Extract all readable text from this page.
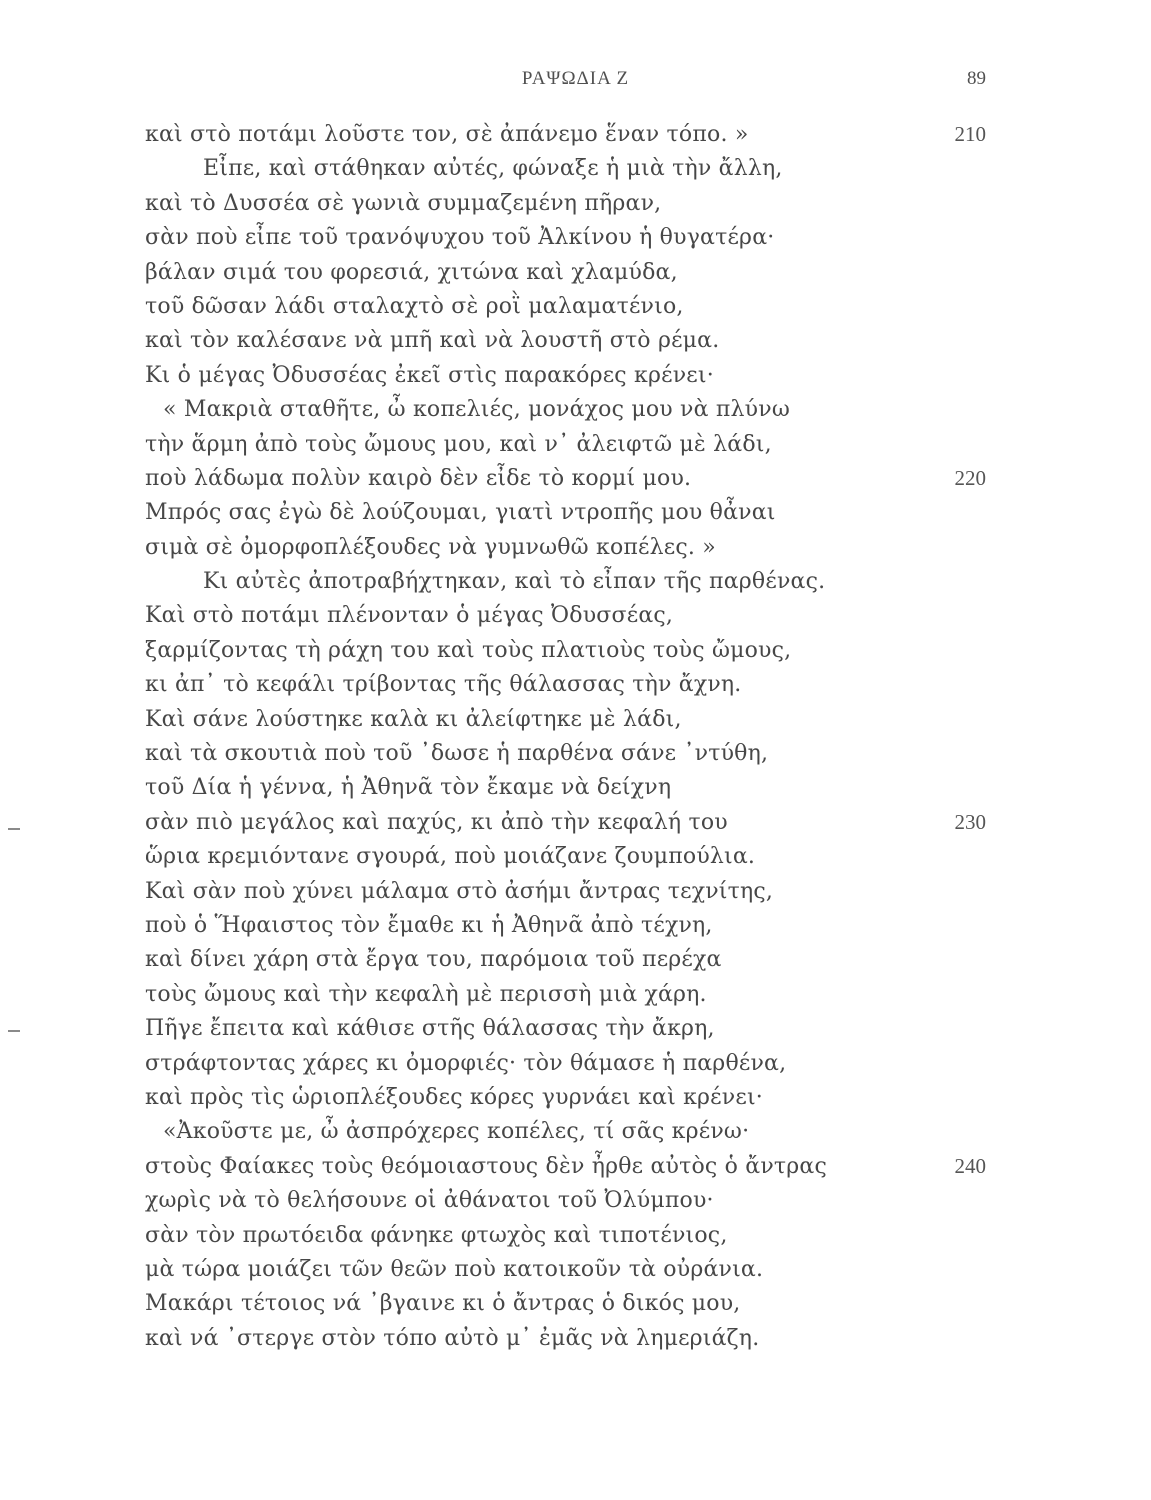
ΡΑΨΩΔΙΑ Ζ	89
καὶ στὸ ποτάμι λοῦστε τον, σὲ ἀπάνεμο ἕναν τόπο. »
Εἶπε, καὶ στάθηκαν αὐτές, φώναξε ἡ μιὰ τὴν ἄλλη,
καὶ τὸ Δυσσέα σὲ γωνιὰ συμμαζεμένη πῆραν,
σὰν ποὺ εἶπε τοῦ τρανόψυχου τοῦ Ἀλκίνου ἡ θυγατέρα·
βάλαν σιμά του φορεσιά, χιτώνα καὶ χλαμύδα,
τοῦ δῶσαν λάδι σταλαχτὸ σὲ ροῒ μαλαματένιο,
καὶ τὸν καλέσανε νὰ μπῆ καὶ νὰ λουστῆ στὸ ρέμα.
Κι ὁ μέγας Ὀδυσσέας ἐκεῖ στὶς παρακόρες κρένει·
« Μακριὰ σταθῆτε, ὦ κοπελιές, μονάχος μου νὰ πλύνω
τὴν ἅρμη ἀπὸ τοὺς ὤμους μου, καὶ ν᾿ ἀλειφτῶ μὲ λάδι,
ποὺ λάδωμα πολὺν καιρὸ δὲν εἶδε τὸ κορμί μου.
Μπρός σας ἐγὼ δὲ λούζουμαι, γιατὶ ντροπῆς μου θἆναι
σιμὰ σὲ ὀμορφοπλέξουδες νὰ γυμνωθῶ κοπέλες. »
Κι αὐτὲς ἀποτραβήχτηκαν, καὶ τὸ εἶπαν τῆς παρθένας.
Καὶ στὸ ποτάμι πλένονταν ὁ μέγας Ὀδυσσέας,
ξαρμίζοντας τὴ ράχη του καὶ τοὺς πλατιοὺς τοὺς ὤμους,
κι ἀπ᾿ τὸ κεφάλι τρίβοντας τῆς θάλασσας τὴν ἄχνη.
Καὶ σάνε λούστηκε καλὰ κι ἀλείφτηκε μὲ λάδι,
καὶ τὰ σκουτιὰ ποὺ τοῦ ᾿δωσε ἡ παρθένα σάνε ᾿ντύθη,
τοῦ Δία ἡ γέννα, ἡ Ἀθηνᾶ τὸν ἔκαμε νὰ δείχνη
σὰν πιὸ μεγάλος καὶ παχύς, κι ἀπὸ τὴν κεφαλή του
ὥρια κρεμιόντανε σγουρά, ποὺ μοιάζανε ζουμπούλια.
Καὶ σὰν ποὺ χύνει μάλαμα στὸ ἀσήμι ἄντρας τεχνίτης,
ποὺ ὁ Ἥφαιστος τὸν ἔμαθε κι ἡ Ἀθηνᾶ ἀπὸ τέχνη,
καὶ δίνει χάρη στὰ ἔργα του, παρόμοια τοῦ περέχα
τοὺς ὤμους καὶ τὴν κεφαλὴ μὲ περισσὴ μιὰ χάρη.
Πῆγε ἔπειτα καὶ κάθισε στῆς θάλασσας τὴν ἄκρη,
στράφτοντας χάρες κι ὀμορφιές· τὸν θάμασε ἡ παρθένα,
καὶ πρὸς τὶς ὡριοπλέξουδες κόρες γυρνάει καὶ κρένει·
«Ἀκοῦστε με, ὦ ἀσπρόχερες κοπέλες, τί σᾶς κρένω·
στοὺς Φαίακες τοὺς θεόμοιαστους δὲν ἦρθε αὐτὸς ὁ ἄντρας
χωρὶς νὰ τὸ θελήσουνε οἱ ἀθάνατοι τοῦ Ὀλύμπου·
σὰν τὸν πρωτόειδα φάνηκε φτωχὸς καὶ τιποτένιος,
μὰ τώρα μοιάζει τῶν θεῶν ποὺ κατοικοῦν τὰ οὐράνια.
Μακάρι τέτοιος νά ᾿βγαινε κι ὁ ἄντρας ὁ δικός μου,
καὶ νά ᾿στεργε στὸν τόπο αὐτὸ μ᾿ ἐμᾶς νὰ λημεριάζη.
210
220
230
240
